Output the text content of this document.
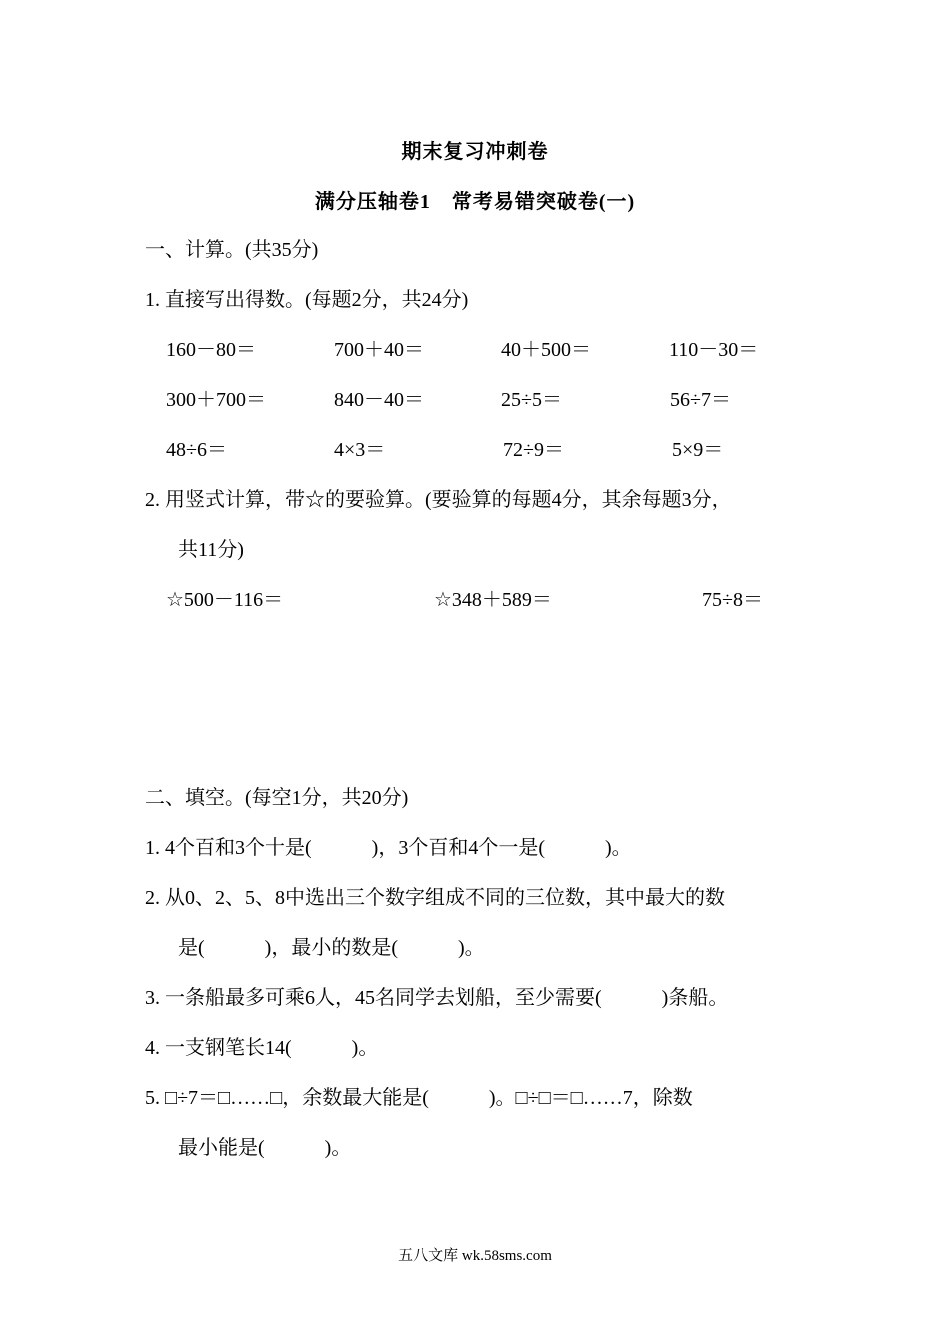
期末复习冲刺卷
满分压轴卷1　常考易错突破卷(一)
一、计算。(共35分)
1. 直接写出得数。(每题2分，共24分)
160－80＝	700＋40＝	40＋500＝	110－30＝
300＋700＝	840－40＝	25÷5＝	56÷7＝
48÷6＝	4×3＝	72÷9＝	5×9＝
2. 用竖式计算，带☆的要验算。(要验算的每题4分，其余每题3分，
共11分)
☆500－116＝	☆348＋589＝	75÷8＝
二、填空。(每空1分，共20分)
1. 4个百和3个十是(　　　)，3个百和4个一是(　　　)。
2. 从0、2、5、8中选出三个数字组成不同的三位数，其中最大的数
是(　　　)，最小的数是(　　　)。
3. 一条船最多可乘6人，45名同学去划船，至少需要(　　　)条船。
4. 一支钢笔长14(　　　)。
5. □÷7＝□……□，余数最大能是(　　　)。□÷□＝□……7，除数
最小能是(　　　)。
五八文库 wk.58sms.com
